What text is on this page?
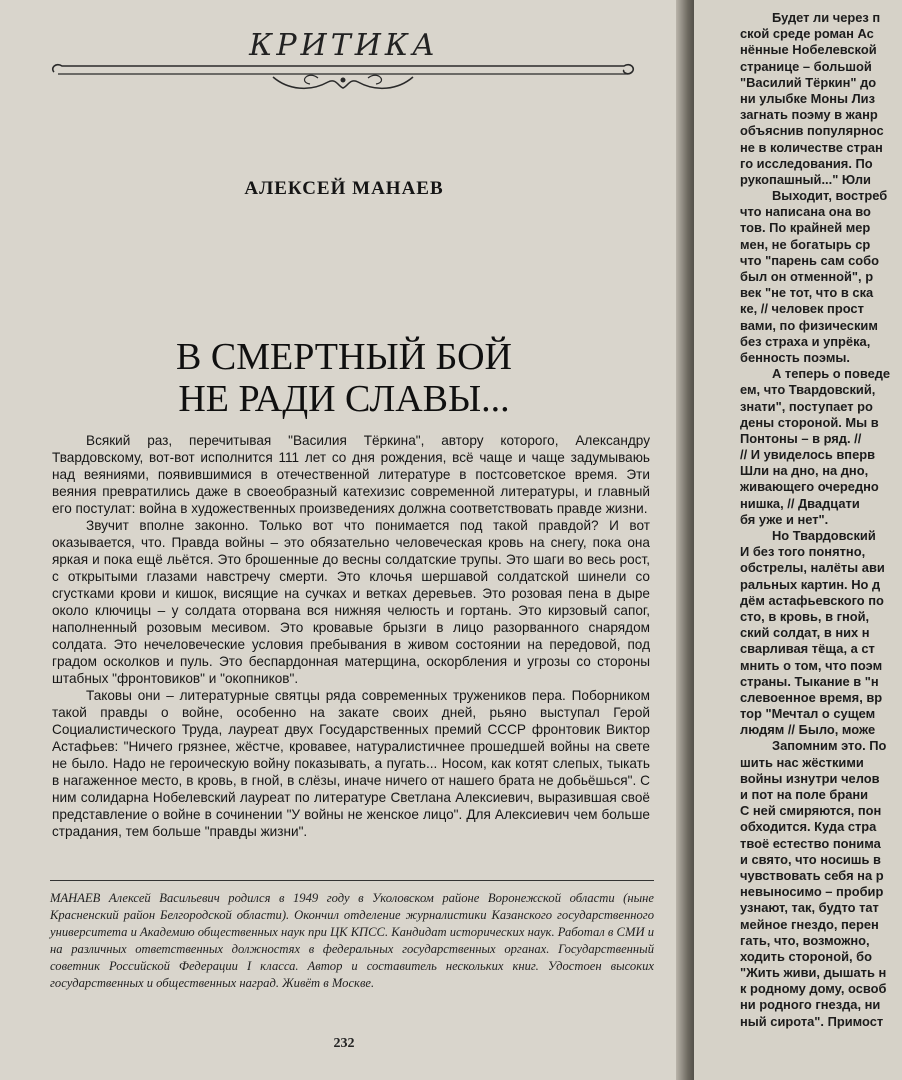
КРИТИКА
АЛЕКСЕЙ МАНАЕВ
В СМЕРТНЫЙ БОЙ
НЕ РАДИ СЛАВЫ...

Всякий раз, перечитывая "Василия Тёркина", автору которого, Александру Твардовскому, вот-вот исполнится 111 лет со дня рождения, всё чаще и чаще задумываюь над веяниями, появившимися в отечественной литературе в постсоветское время. Эти веяния превратились даже в своеобразный катехизис современной литературы, и главный его постулат: война в художественных произведениях должна соответствовать правде жизни.

Звучит вполне законно. Только вот что понимается под такой правдой? И вот оказывается, что. Правда войны – это обязательно человеческая кровь на снегу, пока она яркая и пока ещё льётся. Это брошенные до весны солдатские трупы. Это шаги во весь рост, с открытыми глазами навстречу смерти. Это клочья шершавой солдатской шинели со сгустками крови и кишок, висящие на сучках и ветках деревьев. Это розовая пена в дыре около ключицы – у солдата оторвана вся нижняя челюсть и гортань. Это кирзовый сапог, наполненный розовым месивом. Это кровавые брызги в лицо разорванного снарядом солдата. Это нечеловеческие условия пребывания в живом состоянии на передовой, под градом осколков и пуль. Это беспардонная матерщина, оскорбления и угрозы со стороны штабных "фронтовиков" и "окопников".

Таковы они – литературные святцы ряда современных тружеников пера. Поборником такой правды о войне, особенно на закате своих дней, рьяно выступал Герой Социалистического Труда, лауреат двух Государственных премий СССР фронтовик Виктор Астафьев: "Ничего грязнее, жёстче, кровавее, натуралистичнее прошедшей войны на свете не было. Надо не героическую войну показывать, а пугать... Носом, как котят слепых, тыкать в нагаженное место, в кровь, в гной, в слёзы, иначе ничего от нашего брата не добьёшься". С ним солидарна Нобелевский лауреат по литературе Светлана Алексиевич, выразившая своё представление о войне в сочинении "У войны не женское лицо". Для Алексиевич чем больше страдания, тем больше "правды жизни".

МАНАЕВ Алексей Васильевич родился в 1949 году в Уколовском районе Воронежской области (ныне Красненский район Белгородской области). Окончил отделение журналистики Казанского государственного университета и Академию общественных наук при ЦК КПСС. Кандидат исторических наук. Работал в СМИ и на различных ответственных должностях в федеральных государственных органах. Государственный советник Российской Федерации I класса. Автор и составитель нескольких книг. Удостоен высоких государственных и общественных наград. Живёт в Москве.
232
Будет ли через п
ской среде роман Ас
нённые Нобелевской
странице – большой
"Василий Тёркин" до
ни улыбке Моны Лиз
загнать поэму в жанр
объяснив популярнос
не в количестве стран
го исследования. По
рукопашный..." Юли
Выходит, востреб
что написана она во
тов. По крайней мер
мен, не богатырь ср
что "парень сам собо
был он отменной", р
век "не тот, что в ска
ке, // человек прост
вами, по физическим
без страха и упрёка,
бенность поэмы.
А теперь о поведе
ем, что Твардовский,
знати", поступает ро
дены стороной. Мы в
Понтоны – в ряд. //
// И увиделось вперв
Шли на дно, на дно,
живающего очередно
нишка, // Двадцати
бя уже и нет".
Но Твардовский
И без того понятно,
обстрелы, налёты ави
ральных картин. Но д
дём астафьевского по
сто, в кровь, в гной,
ский солдат, в них н
сварливая тёща, а ст
мнить о том, что поэм
страны. Тыкание в "н
слевоенное время, вр
тор "Мечтал о сущем
людям // Было, може
Запомним это. По
шить нас жёсткими
войны изнутри челов
и пот на поле брани
С ней смиряются, пон
обходится. Куда стра
твоё естество понима
и свято, что носишь в
чувствовать себя на р
невыносимо – пробир
узнают, так, будто тат
мейное гнездо, перен
гать, что, возможно,
ходить стороной, бо
"Жить живи, дышать н
к родному дому, освоб
ни родного гнезда, ни
ный сирота". Примост
